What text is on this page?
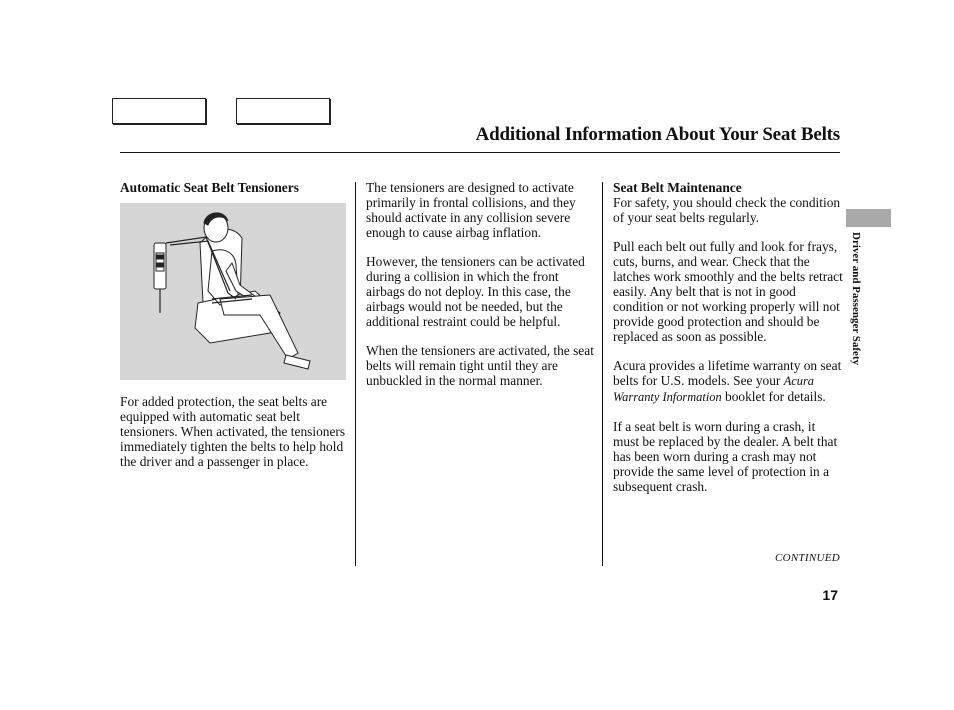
Additional Information About Your Seat Belts
Automatic Seat Belt Tensioners

For added protection, the seat belts are equipped with automatic seat belt tensioners. When activated, the tensioners immediately tighten the belts to help hold the driver and a passenger in place.

The tensioners are designed to activate primarily in frontal collisions, and they should activate in any collision severe enough to cause airbag inflation.

However, the tensioners can be activated during a collision in which the front airbags do not deploy. In this case, the airbags would not be needed, but the additional restraint could be helpful.

When the tensioners are activated, the seat belts will remain tight until they are unbuckled in the normal manner.

Seat Belt Maintenance

For safety, you should check the condition of your seat belts regularly.

Pull each belt out fully and look for frays, cuts, burns, and wear. Check that the latches work smoothly and the belts retract easily. Any belt that is not in good condition or not working properly will not provide good protection and should be replaced as soon as possible.

Acura provides a lifetime warranty on seat belts for U.S. models. See your Acura Warranty Information booklet for details.

If a seat belt is worn during a crash, it must be replaced by the dealer. A belt that has been worn during a crash may not provide the same level of protection in a subsequent crash.

CONTINUED
17
Driver and Passenger Safety
